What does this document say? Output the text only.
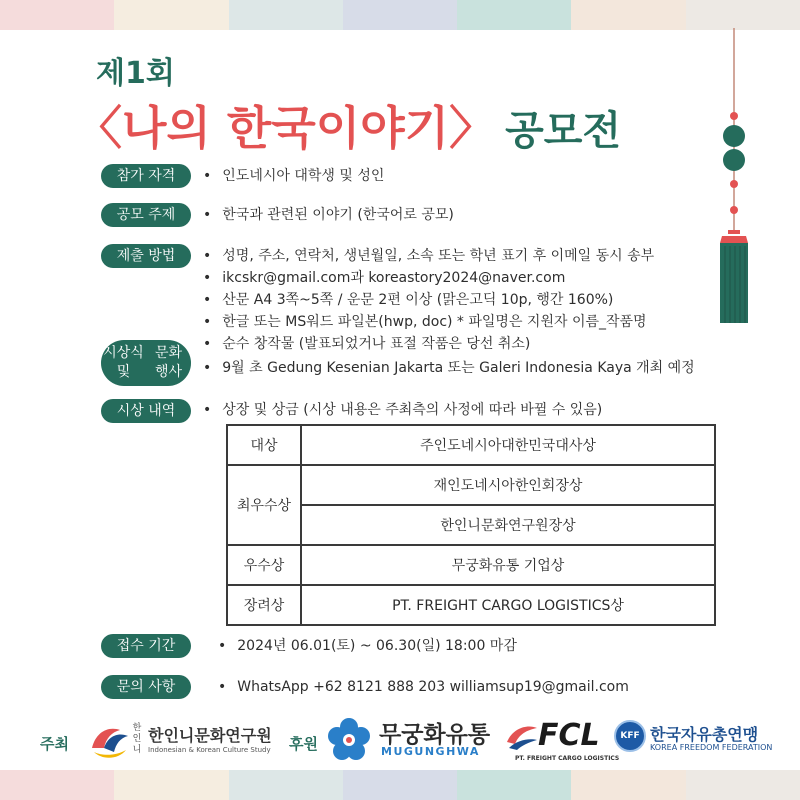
제1회
〈나의 한국이야기〉 공모전
참가 자격	• 인도네시아 대학생 및 성인
공모 주제	• 한국과 관련된 이야기 (한국어로 공모)
제출 방법	• 성명, 주소, 연락처, 생년월일, 소속 또는 학년 표기 후 이메일 동시 송부
• ikcskr@gmail.com과 koreastory2024@naver.com
• 산문 A4 3쪽~5쪽 / 운문 2편 이상 (맑은고딕 10p, 행간 160%)
• 한글 또는 MS워드 파일본(hwp, doc) * 파일명은 지원자 이름_작품명
• 순수 창작물 (발표되었거나 표절 작품은 당선 취소)
시상식 및

문화 행사	• 9월 초 Gedung Kesenian Jakarta 또는 Galeri Indonesia Kaya 개최 예정
시상 내역	• 상장 및 상금 (시상 내용은 주최측의 사정에 따라 바뀔 수 있음)
대상	주인도네시아대한민국대사상
최우수상	재인도네시아한인회장상
	한인니문화연구원장상
우수상	무궁화유통 기업상
장려상	PT. FREIGHT CARGO LOGISTICS상
접수 기간	• 2024년 06.01(토) ~ 06.30(일) 18:00 마감
문의 사항	• WhatsApp +62 8121 888 203 williamsup19@gmail.com
주최
한인니
한인니문화연구원
Indonesian & Korean Culture Study 후원	무궁화유통
MUGUNGHWA FCL
PT. FREIGHT CARGO LOGISTICS
KFF 한국자유총연맹
KOREA FREEDOM FEDERATION
